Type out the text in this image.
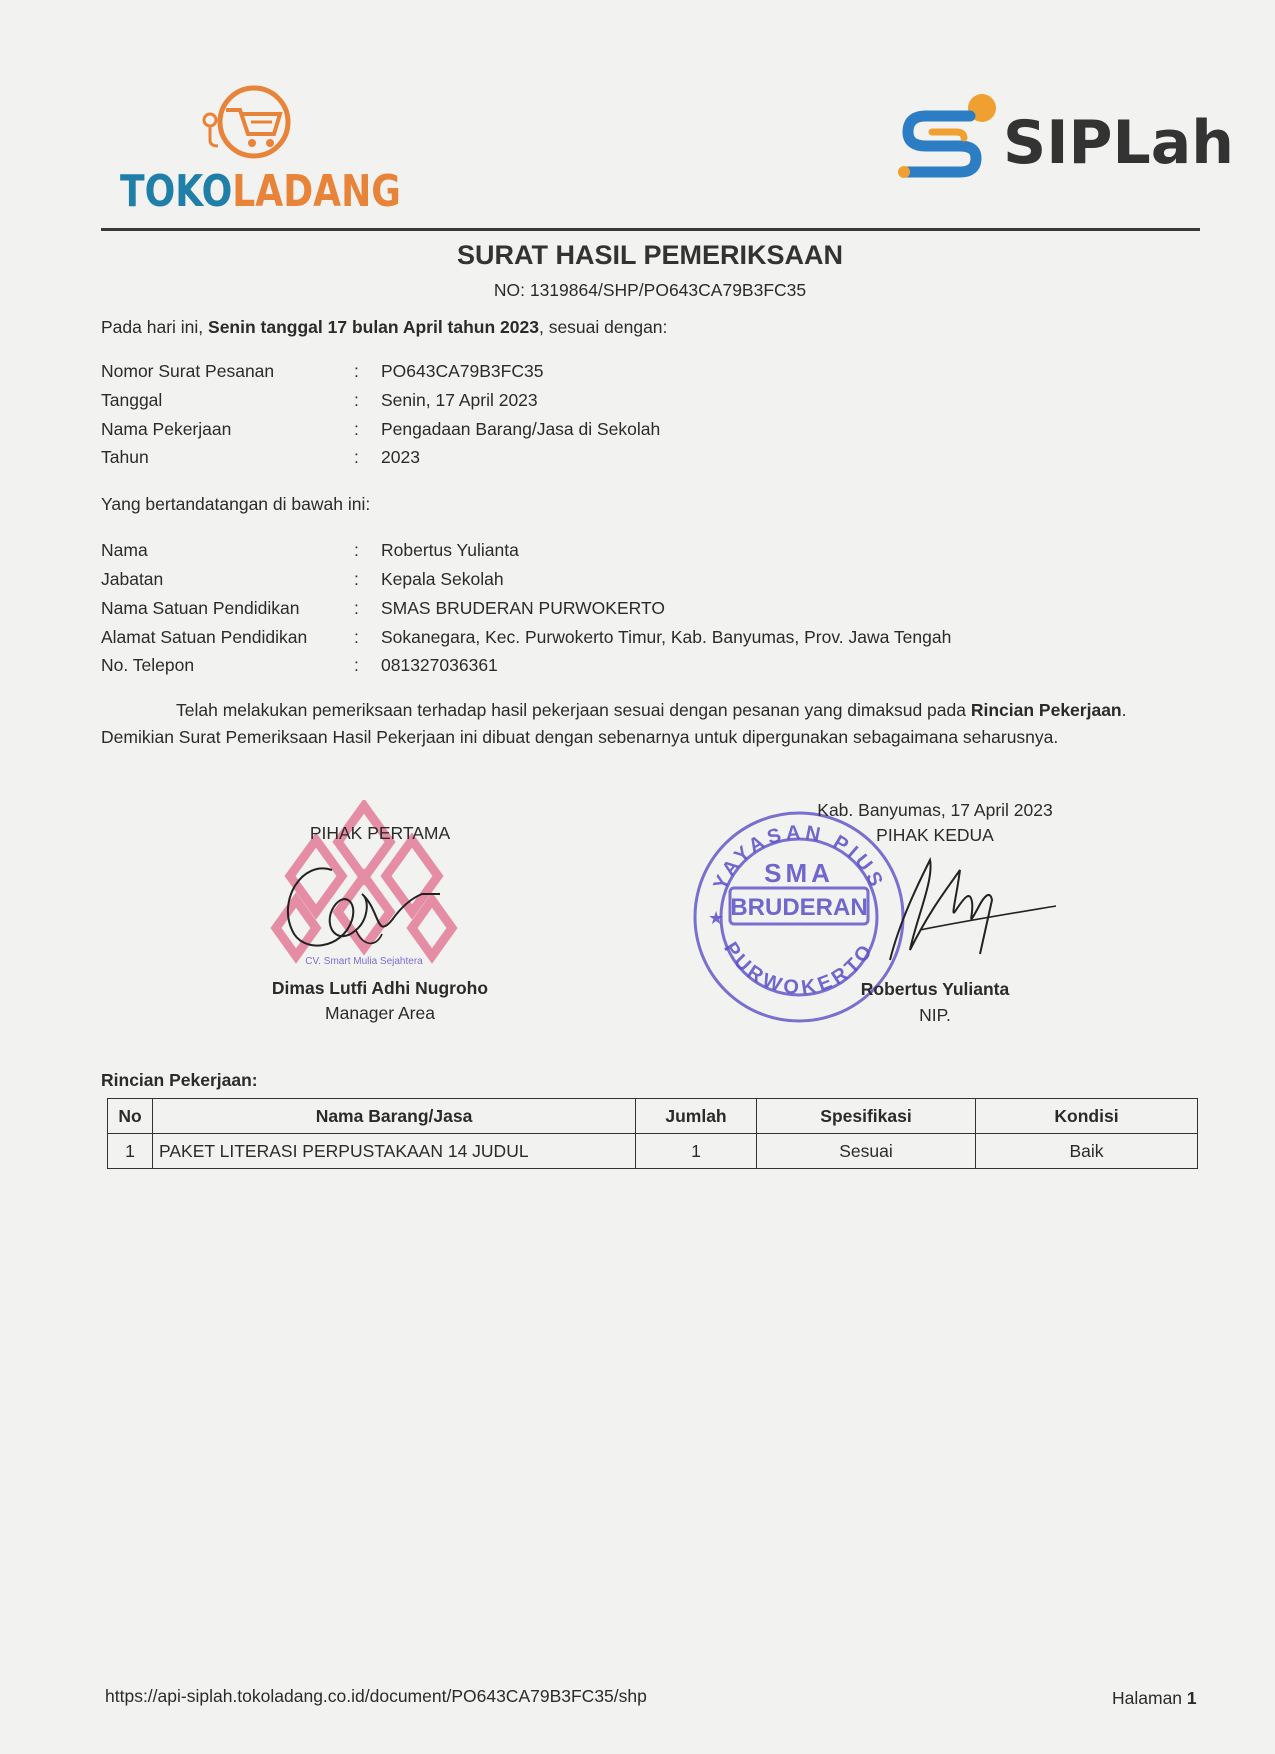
TOKOLADANG
SIPLah
SURAT HASIL PEMERIKSAAN
NO: 1319864/SHP/PO643CA79B3FC35
Pada hari ini, Senin tanggal 17 bulan April tahun 2023, sesuai dengan:
Nomor Surat Pesanan	: PO643CA79B3FC35
Tanggal	: Senin, 17 April 2023
Nama Pekerjaan	: Pengadaan Barang/Jasa di Sekolah
Tahun	: 2023
Yang bertandatangan di bawah ini:
Nama	: Robertus Yulianta
Jabatan	: Kepala Sekolah
Nama Satuan Pendidikan	: SMAS BRUDERAN PURWOKERTO
Alamat Satuan Pendidikan	: Sokanegara, Kec. Purwokerto Timur, Kab. Banyumas, Prov. Jawa Tengah
No. Telepon	: 081327036361
Telah melakukan pemeriksaan terhadap hasil pekerjaan sesuai dengan pesanan yang dimaksud pada Rincian Pekerjaan.
Demikian Surat Pemeriksaan Hasil Pekerjaan ini dibuat dengan sebenarnya untuk dipergunakan sebagaimana seharusnya.
CV. Smart Mulia Sejahtera
PIHAK PERTAMA
Dimas Lutfi Adhi Nugroho
Manager Area
YAYASAN PIUS
PURWOKERTO
SMA
BRUDERAN
★
Kab. Banyumas, 17 April 2023
PIHAK KEDUA
Robertus Yulianta
NIP.
Rincian Pekerjaan:
No	Nama Barang/Jasa	Jumlah	Spesifikasi	Kondisi
1	PAKET LITERASI PERPUSTAKAAN 14 JUDUL	1	Sesuai	Baik
https://api-siplah.tokoladang.co.id/document/PO643CA79B3FC35/shp	Halaman 1
